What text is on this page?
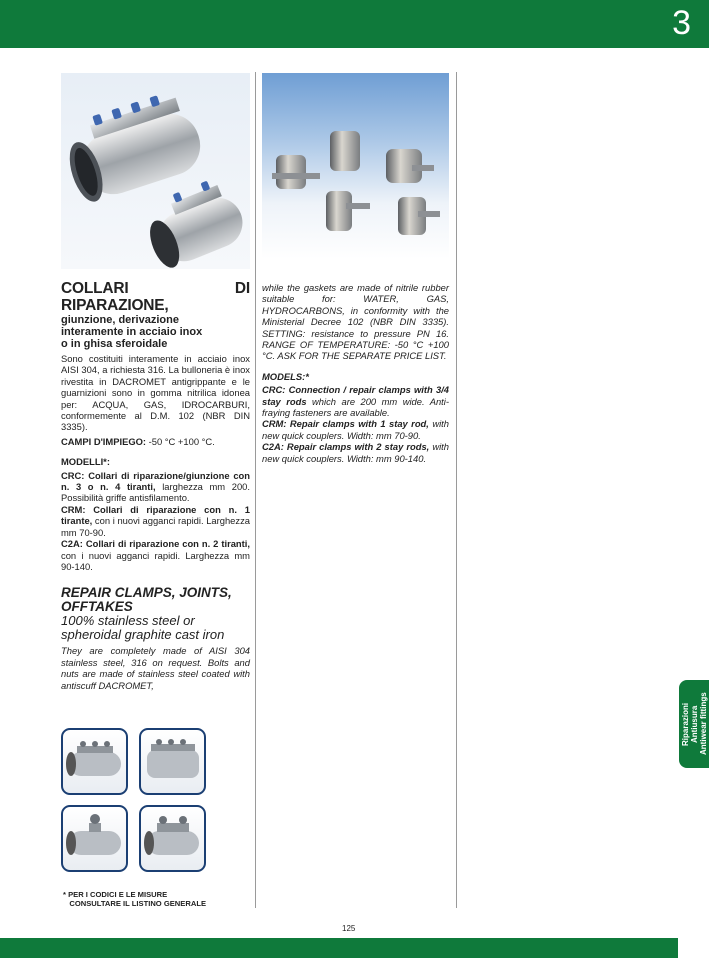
3
Riparazioni Antiusura
Antiwear fittings
COLLARI DI RIPARAZIONE,
giunzione, derivazione
interamente in acciaio inox
o in ghisa sferoidale
Sono costituiti interamente in acciaio inox AISI 304, a richiesta 316. La bulloneria è inox rivestita in DACROMET antigrippante e le guarnizioni sono in gomma nitrilica idonea per: ACQUA, GAS, IDROCARBURI, conformemente al D.M. 102 (NBR DIN 3335).
CAMPI D'IMPIEGO: -50 °C +100 °C.
MODELLI*:
CRC: Collari di riparazione/giunzione con n. 3 o n. 4 tiranti, larghezza mm 200. Possibilità griffe antisfilamento.
CRM: Collari di riparazione con n. 1 tirante, con i nuovi agganci rapidi. Larghezza mm 70-90.
C2A: Collari di riparazione con n. 2 tiranti, con i nuovi agganci rapidi. Larghezza mm 90-140.
REPAIR CLAMPS, JOINTS,
OFFTAKES
100% stainless steel or
spheroidal graphite cast iron
They are completely made of AISI 304 stainless steel, 316 on request. Bolts and nuts are made of stainless steel coated with antiscuff DACROMET,
while the gaskets are made of nitrile rubber suitable for: WATER, GAS, HYDROCARBONS, in conformity with the Ministerial Decree 102 (NBR DIN 3335). SETTING: resistance to pressure PN 16. RANGE OF TEMPERATURE: -50 °C +100 °C. ASK FOR THE SEPARATE PRICE LIST.
MODELS:*
CRC: Connection / repair clamps with 3/4 stay rods which are 200 mm wide. Anti-fraying fasteners are available.
CRM: Repair clamps with 1 stay rod, with new quick couplers. Width: mm 70-90.
C2A: Repair clamps with 2 stay rods, with new quick couplers. Width: mm 90-140.
* PER I CODICI E LE MISURE
CONSULTARE IL LISTINO GENERALE
125
